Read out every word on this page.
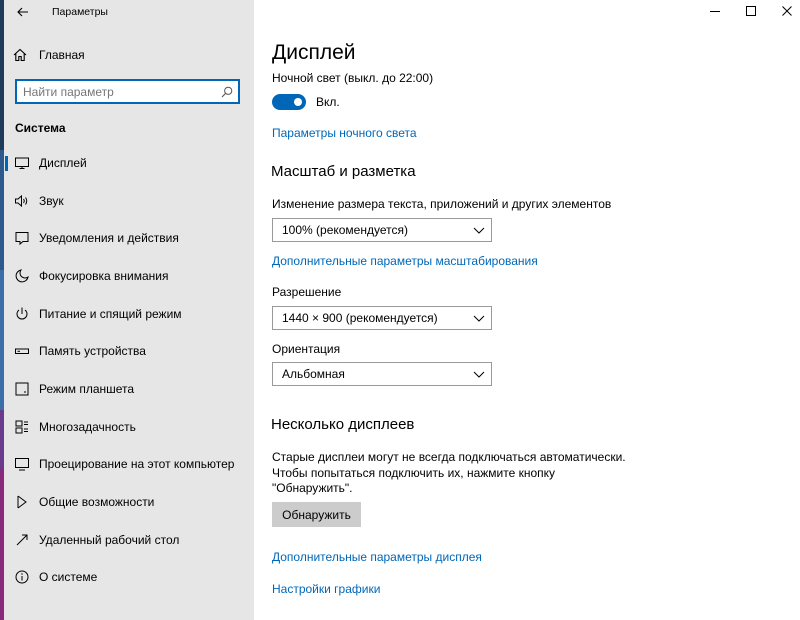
Параметры
Главная
Найти параметр
Система
Дисплей
Звук
Уведомления и действия
Фокусировка внимания
Питание и спящий режим
Память устройства
Режим планшета
Многозадачность
Проецирование на этот компьютер
Общие возможности
Удаленный рабочий стол
О системе
Дисплей
Ночной свет (выкл. до 22:00)
Вкл.
Параметры ночного света
Масштаб и разметка
Изменение размера текста, приложений и других элементов
100% (рекомендуется)
Дополнительные параметры масштабирования
Разрешение
1440 × 900 (рекомендуется)
Ориентация
Альбомная
Несколько дисплеев
Старые дисплеи могут не всегда подключаться автоматически.
Чтобы попытаться подключить их, нажмите кнопку
"Обнаружить".
Обнаружить
Дополнительные параметры дисплея
Настройки графики
